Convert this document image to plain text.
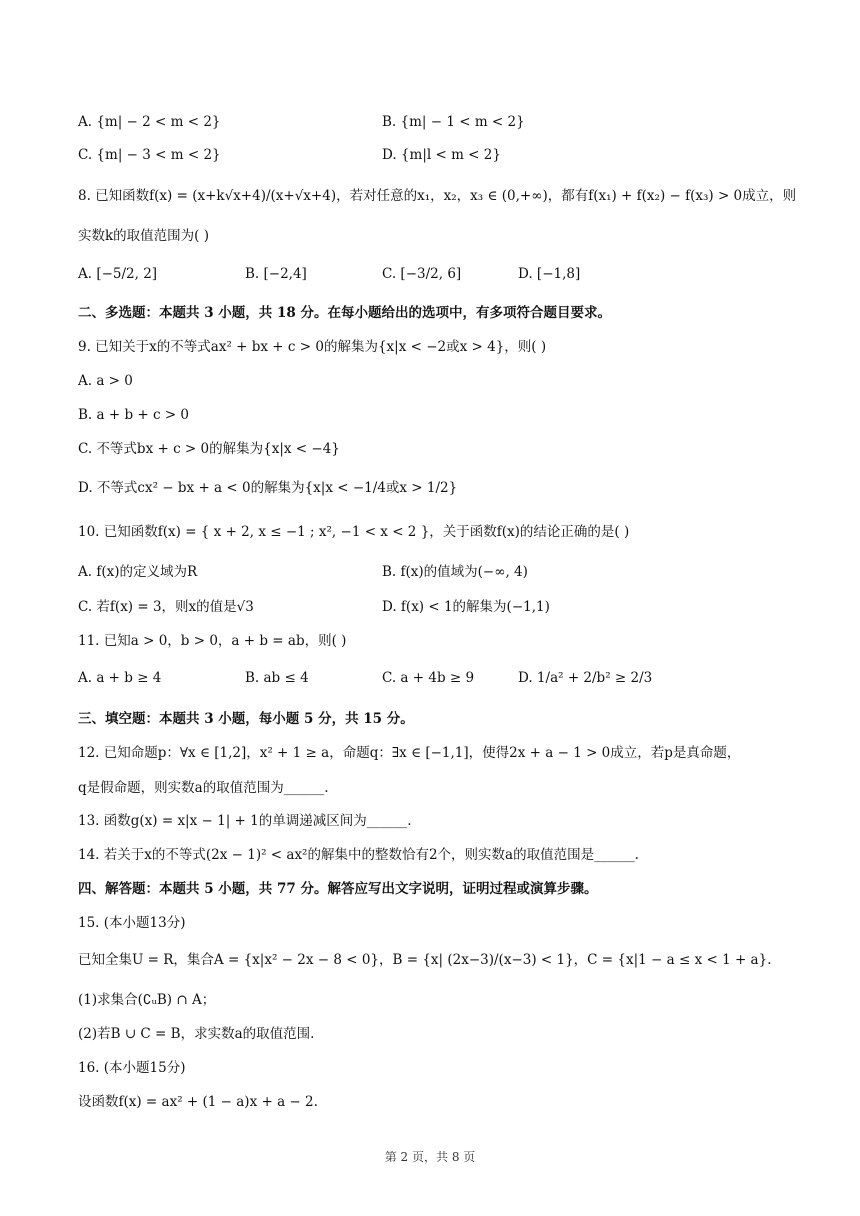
A. {m| − 2 < m < 2}	B. {m| − 1 < m < 2}
C. {m| − 3 < m < 2}	D. {m|l < m < 2}
8. 已知函数f(x) = (x+k√x+4)/(x+√x+4)，若对任意的x₁，x₂，x₃ ∈ (0,+∞)，都有f(x₁) + f(x₂) − f(x₃) > 0成立，则
实数k的取值范围为( )
A. [−5/2, 2]	B. [−2,4]	C. [−3/2, 6]	D. [−1,8]
二、多选题：本题共 3 小题，共 18 分。在每小题给出的选项中，有多项符合题目要求。
9. 已知关于x的不等式ax² + bx + c > 0的解集为{x|x < −2或x > 4}，则( )
A. a > 0
B. a + b + c > 0
C. 不等式bx + c > 0的解集为{x|x < −4}
D. 不等式cx² − bx + a < 0的解集为{x|x < −1/4或x > 1/2}
10. 已知函数f(x) = { x + 2, x ≤ −1 ; x², −1 < x < 2 }，关于函数f(x)的结论正确的是( )
A. f(x)的定义域为R	B. f(x)的值域为(−∞, 4)
C. 若f(x) = 3，则x的值是√3	D. f(x) < 1的解集为(−1,1)
11. 已知a > 0，b > 0，a + b = ab，则( )
A. a + b ≥ 4	B. ab ≤ 4	C. a + 4b ≥ 9	D. 1/a² + 2/b² ≥ 2/3
三、填空题：本题共 3 小题，每小题 5 分，共 15 分。
12. 已知命题p：∀x ∈ [1,2]，x² + 1 ≥ a，命题q：∃x ∈ [−1,1]，使得2x + a − 1 > 0成立，若p是真命题，
q是假命题，则实数a的取值范围为______.
13. 函数g(x) = x|x − 1| + 1的单调递减区间为______.
14. 若关于x的不等式(2x − 1)² < ax²的解集中的整数恰有2个，则实数a的取值范围是______.
四、解答题：本题共 5 小题，共 77 分。解答应写出文字说明，证明过程或演算步骤。
15. (本小题13分)
已知全集U = R，集合A = {x|x² − 2x − 8 < 0}，B = {x| (2x−3)/(x−3) < 1}，C = {x|1 − a ≤ x < 1 + a}.
(1)求集合(∁ᵤB) ∩ A；
(2)若B ∪ C = B，求实数a的取值范围.
16. (本小题15分)
设函数f(x) = ax² + (1 − a)x + a − 2.
第 2 页，共 8 页
